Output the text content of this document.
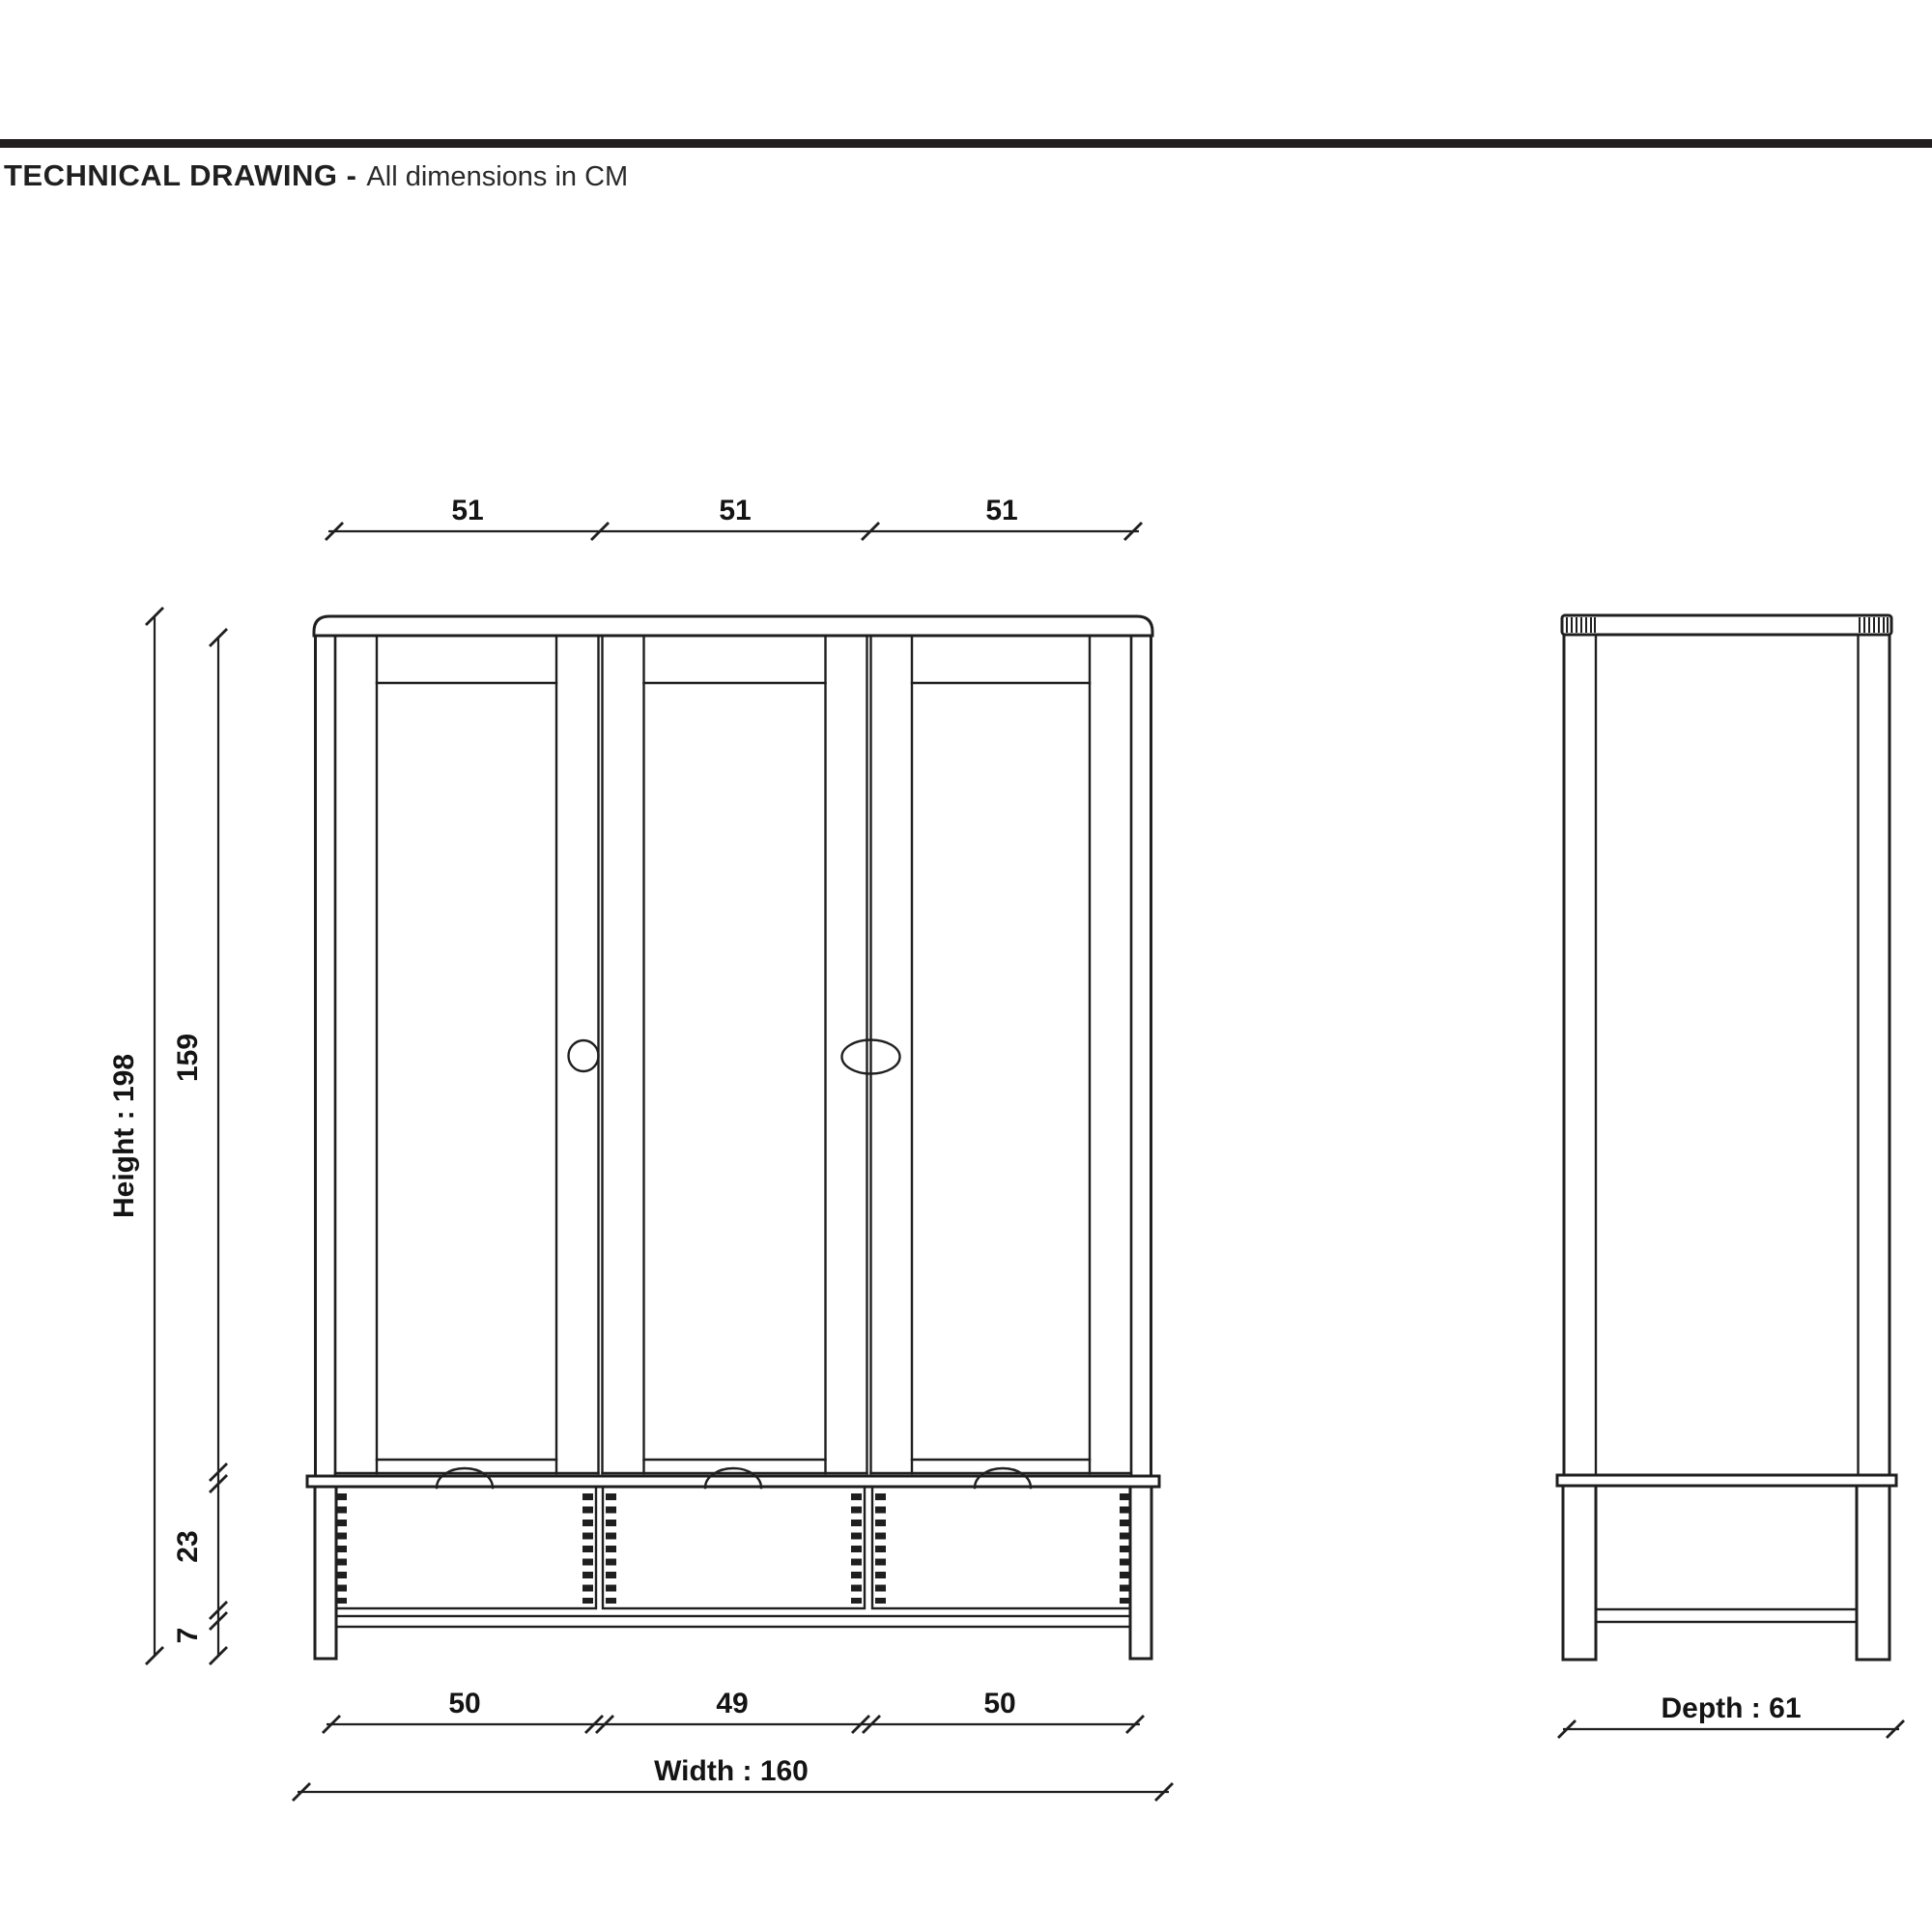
TECHNICAL DRAWING - All dimensions in CM
51	51	51
Height : 198 159
23
7
50	49	50
Width : 160
Depth : 61
